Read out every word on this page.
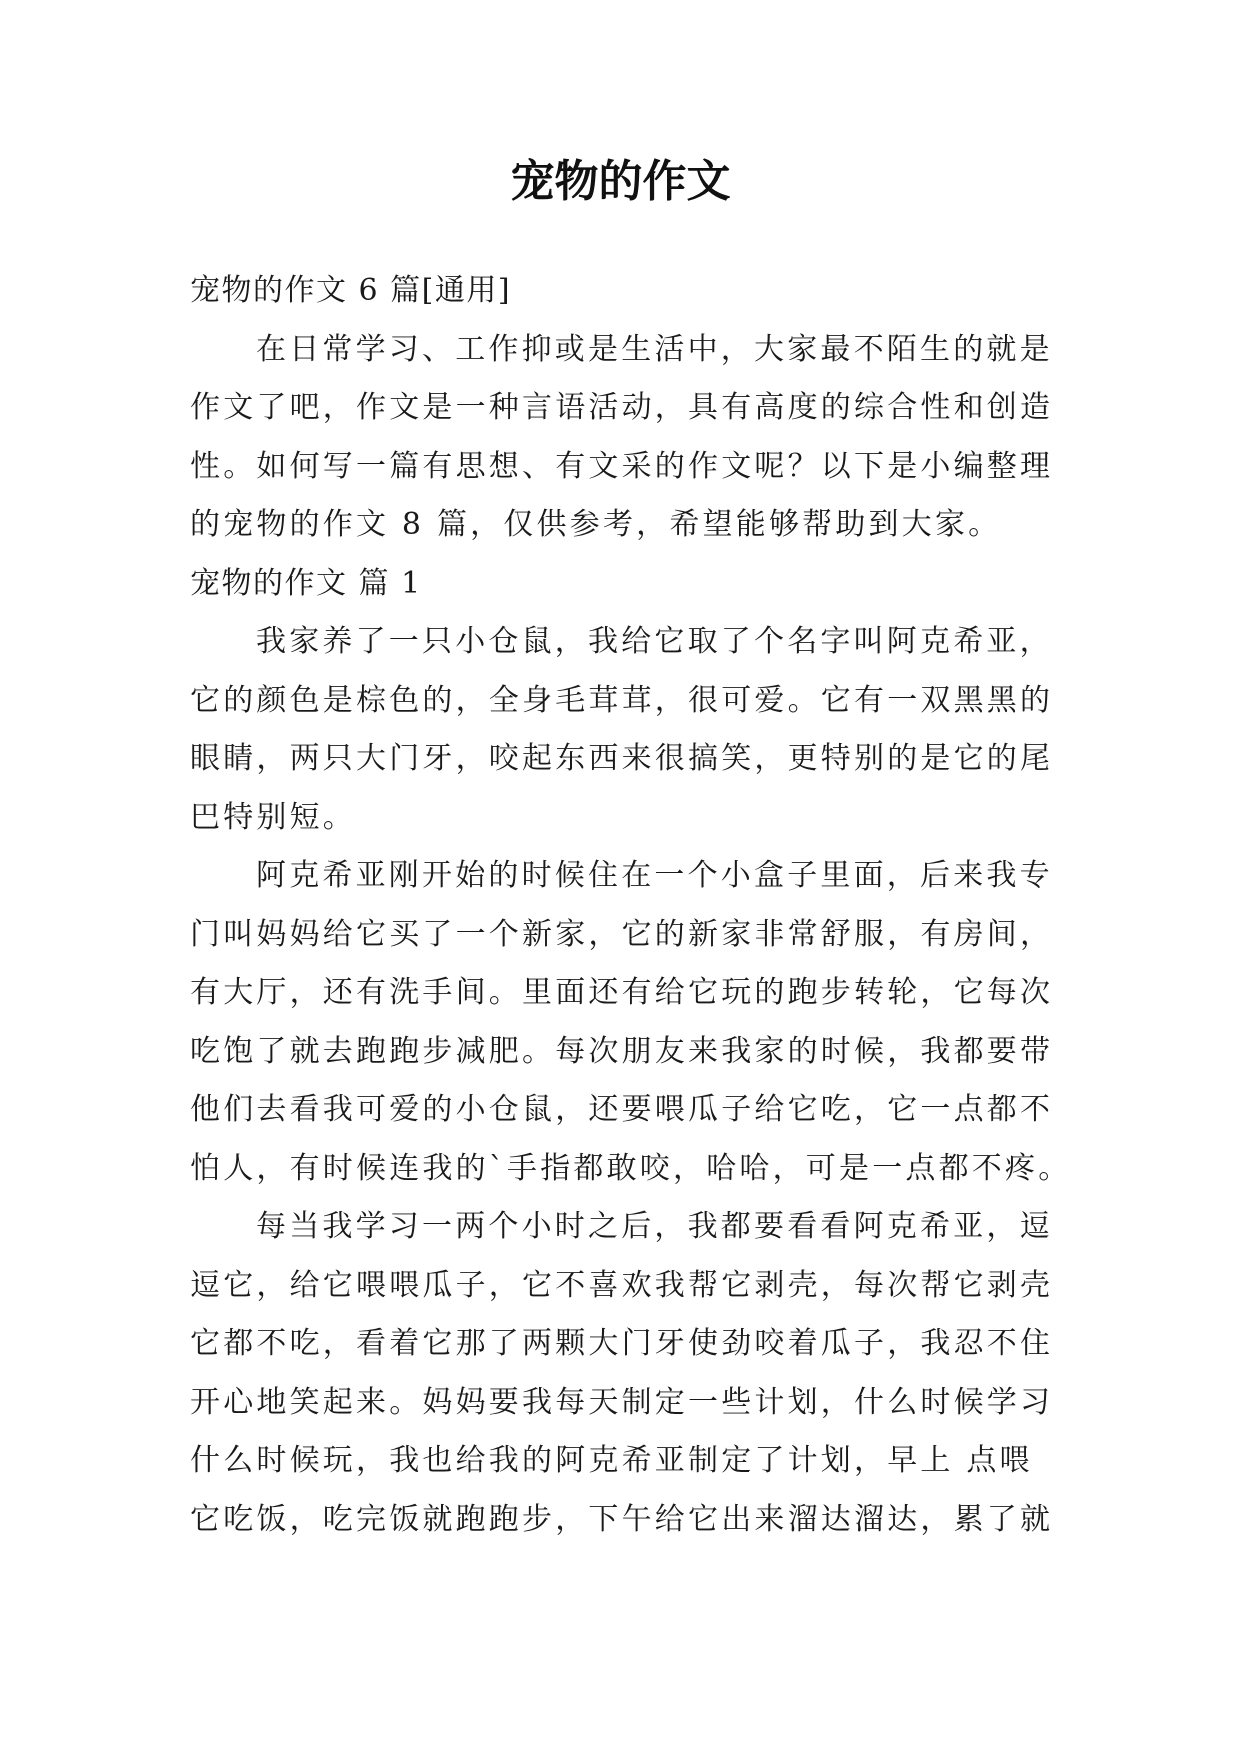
宠物的作文
宠物的作文 6 篇[通用]
在日常学习、工作抑或是生活中，大家最不陌生的就是
作文了吧，作文是一种言语活动，具有高度的综合性和创造
性。如何写一篇有思想、有文采的作文呢？以下是小编整理
的宠物的作文 8 篇，仅供参考，希望能够帮助到大家。
宠物的作文 篇 1
我家养了一只小仓鼠，我给它取了个名字叫阿克希亚，
它的颜色是棕色的，全身毛茸茸，很可爱。它有一双黑黑的
眼睛，两只大门牙，咬起东西来很搞笑，更特别的是它的尾
巴特别短。
阿克希亚刚开始的时候住在一个小盒子里面，后来我专
门叫妈妈给它买了一个新家，它的新家非常舒服，有房间，
有大厅，还有洗手间。里面还有给它玩的跑步转轮，它每次
吃饱了就去跑跑步减肥。每次朋友来我家的时候，我都要带
他们去看我可爱的小仓鼠，还要喂瓜子给它吃，它一点都不
怕人，有时候连我的`手指都敢咬，哈哈，可是一点都不疼。
每当我学习一两个小时之后，我都要看看阿克希亚，逗
逗它，给它喂喂瓜子，它不喜欢我帮它剥壳，每次帮它剥壳
它都不吃，看着它那了两颗大门牙使劲咬着瓜子，我忍不住
开心地笑起来。妈妈要我每天制定一些计划，什么时候学习
什么时候玩，我也给我的阿克希亚制定了计划，早上 点喂
它吃饭，吃完饭就跑跑步，下午给它出来溜达溜达，累了就
